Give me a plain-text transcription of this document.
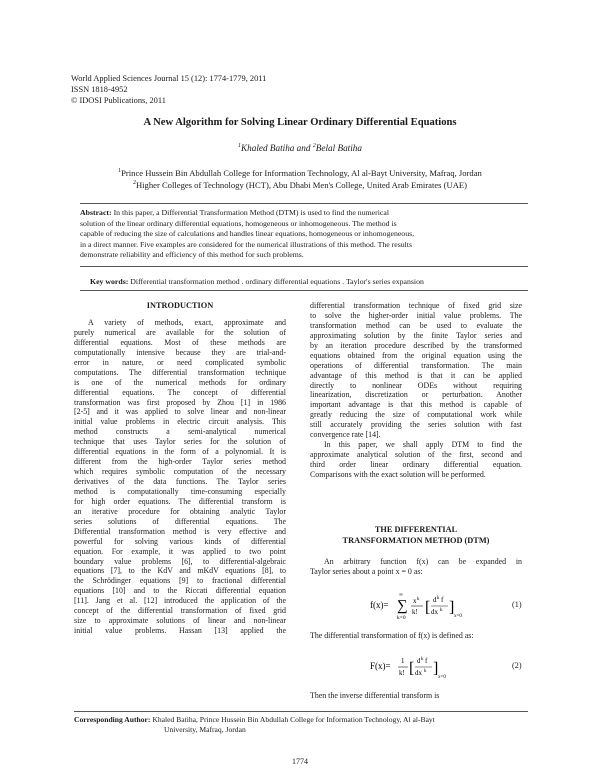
World Applied Sciences Journal 15 (12): 1774-1779, 2011
ISSN 1818-4952
© IDOSI Publications, 2011
A New Algorithm for Solving Linear Ordinary Differential Equations
$^1$Khaled Batiha and $^2$Belal Batiha
$^1$Prince Hussein Bin Abdullah College for Information Technology, Al al-Bayt University, Mafraq, Jordan
$^2$Higher Colleges of Technology (HCT), Abu Dhabi Men's College, United Arab Emirates (UAE)
Abstract: In this paper, a Differential Transformation Method (DTM) is used to find the numerical
solution of the linear ordinary differential equations, homogeneous or inhomogeneous. The method is
capable of reducing the size of calculations and handles linear equations, homogeneous or inhomogeneous,
in a direct manner. Five examples are considered for the numerical illustrations of this method. The results
demonstrate reliability and efficiency of this method for such problems.
Key words: Differential transformation method . ordinary differential equations . Taylor's series expansion
INTRODUCTION
A variety of methods, exact, approximate and
purely numerical are available for the solution of
differential equations. Most of these methods are
computationally intensive because they are trial-and-
error in nature, or need complicated symbolic
computations. The differential transformation technique
is one of the numerical methods for ordinary
differential equations. The concept of differential
transformation was first proposed by Zhou [1] in 1986
[2-5] and it was applied to solve linear and non-linear
initial value problems in electric circuit analysis. This
method constructs a semi-analytical numerical
technique that uses Taylor series for the solution of
differential equations in the form of a polynomial. It is
different from the high-order Taylor series method
which requires symbolic computation of the necessary
derivatives of the data functions. The Taylor series
method is computationally time-consuming especially
for high order equations. The differential transform is
an iterative procedure for obtaining analytic Taylor
series solutions of differential equations. The
Differential transformation method is very effective and
powerful for solving various kinds of differential
equation. For example, it was applied to two point
boundary value problems [6], to differential-algebraic
equations [7], to the KdV and mKdV equations [8], to
the Schrödinger equations [9] to fractional differential
equations [10] and to the Riccati differential equation
[11]. Jang et al. [12] introduced the application of the
concept of the differential transformation of fixed grid
size to approximate solutions of linear and non-linear
initial value problems. Hassan [13] applied the
differential transformation technique of fixed grid size
to solve the higher-order initial value problems. The
transformation method can be used to evaluate the
approximating solution by the finite Taylor series and
by an iteration procedure described by the transformed
equations obtained from the original equation using the
operations of differential transformation. The main
advantage of this method is that it can be applied
directly to nonlinear ODEs without requiring
linearization, discretization or perturbation. Another
important advantage is that this method is capable of
greatly reducing the size of computational work while
still accurately providing the series solution with fast
convergence rate [14].
In this paper, we shall apply DTM to find the
approximate analytical solution of the first, second and
third order linear ordinary differential equation.
Comparisons with the exact solution will be performed.
THE DIFFERENTIAL
TRANSFORMATION METHOD (DTM)
An arbitrary function f(x) can be expanded in
Taylor series about a point x = 0 as:
f(x)=
∞
∑
k=0
x k
k! [ d k f
dx k ]
x=0
(1)
The differential transformation of f(x) is defined as:
F(x)= 1
k! [ d k f
dx k ]
x=0
(2)
Then the inverse differential transform is
Corresponding Author: Khaled Batiha, Prince Hussein Bin Abdullah College for Information Technology, Al al-Bayt
University, Mafraq, Jordan
1774
